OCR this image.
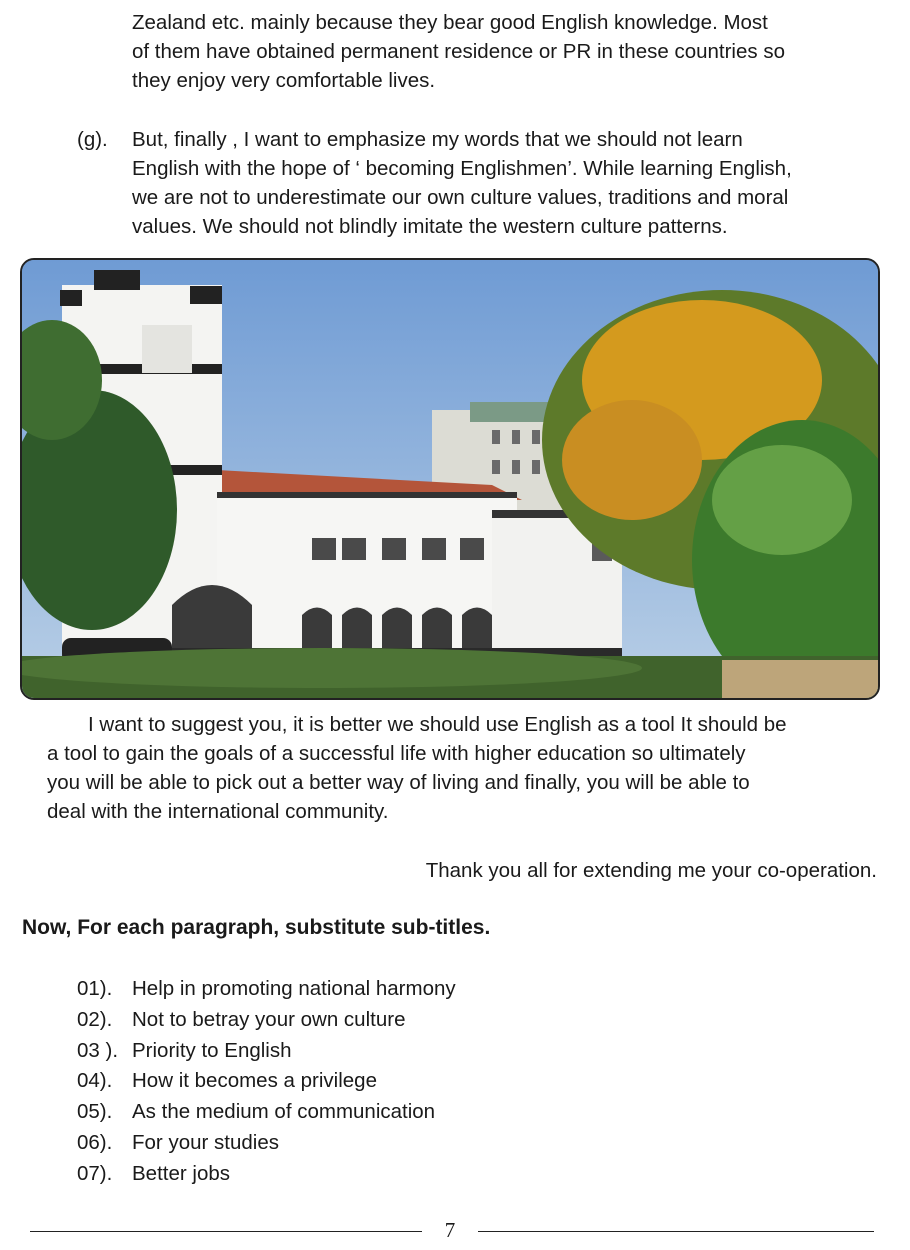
Zealand etc. mainly because they bear good English knowledge. Most
of them have obtained permanent residence or PR in these countries so
they enjoy very comfortable lives.
(g). But, finally , I want to emphasize my words that we should not learn
English with the hope of ‘ becoming Englishmen’. While learning English,
we are not to underestimate our own culture values, traditions and moral
values. We should not blindly imitate the western culture patterns.
I want to suggest you, it is better we should use English as a tool It should be
a tool to gain the goals of a successful life with higher education so ultimately
you will be able to pick out a better way of living and finally, you will be able to
deal with the international community.
Thank you all for extending me your co-operation.
Now, For each paragraph, substitute sub-titles.
01). Help in promoting national harmony
02). Not to betray your own culture
03 ). Priority to English
04). How it becomes a privilege
05). As the medium of communication
06). For your studies
07). Better jobs
7
